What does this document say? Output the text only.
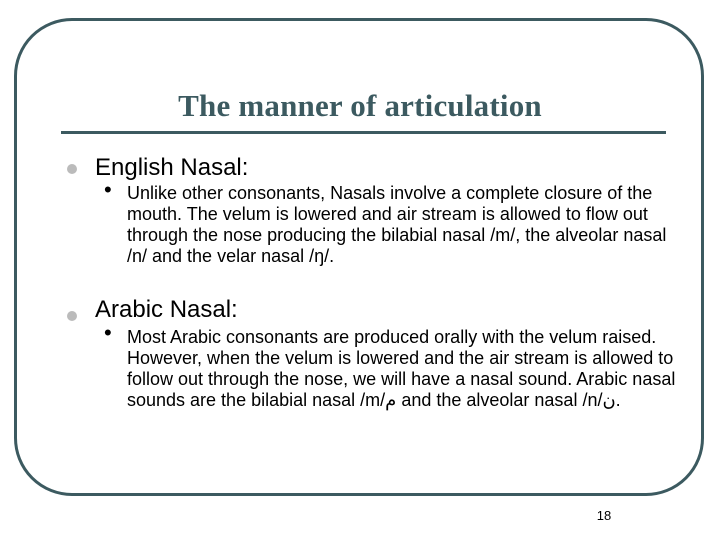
The manner of articulation
English Nasal:
• Unlike other consonants, Nasals involve a complete closure of the mouth. The velum is lowered and air stream is allowed to flow out through the nose producing the bilabial nasal /m/, the alveolar nasal /n/ and the velar nasal /ŋ/.
Arabic Nasal:
• Most Arabic consonants are produced orally with the velum raised. However, when the velum is lowered and the air stream is allowed to follow out through the nose, we will have a nasal sound. Arabic nasal sounds are the bilabial nasal /m/م and the alveolar nasal /n/ن.
18
